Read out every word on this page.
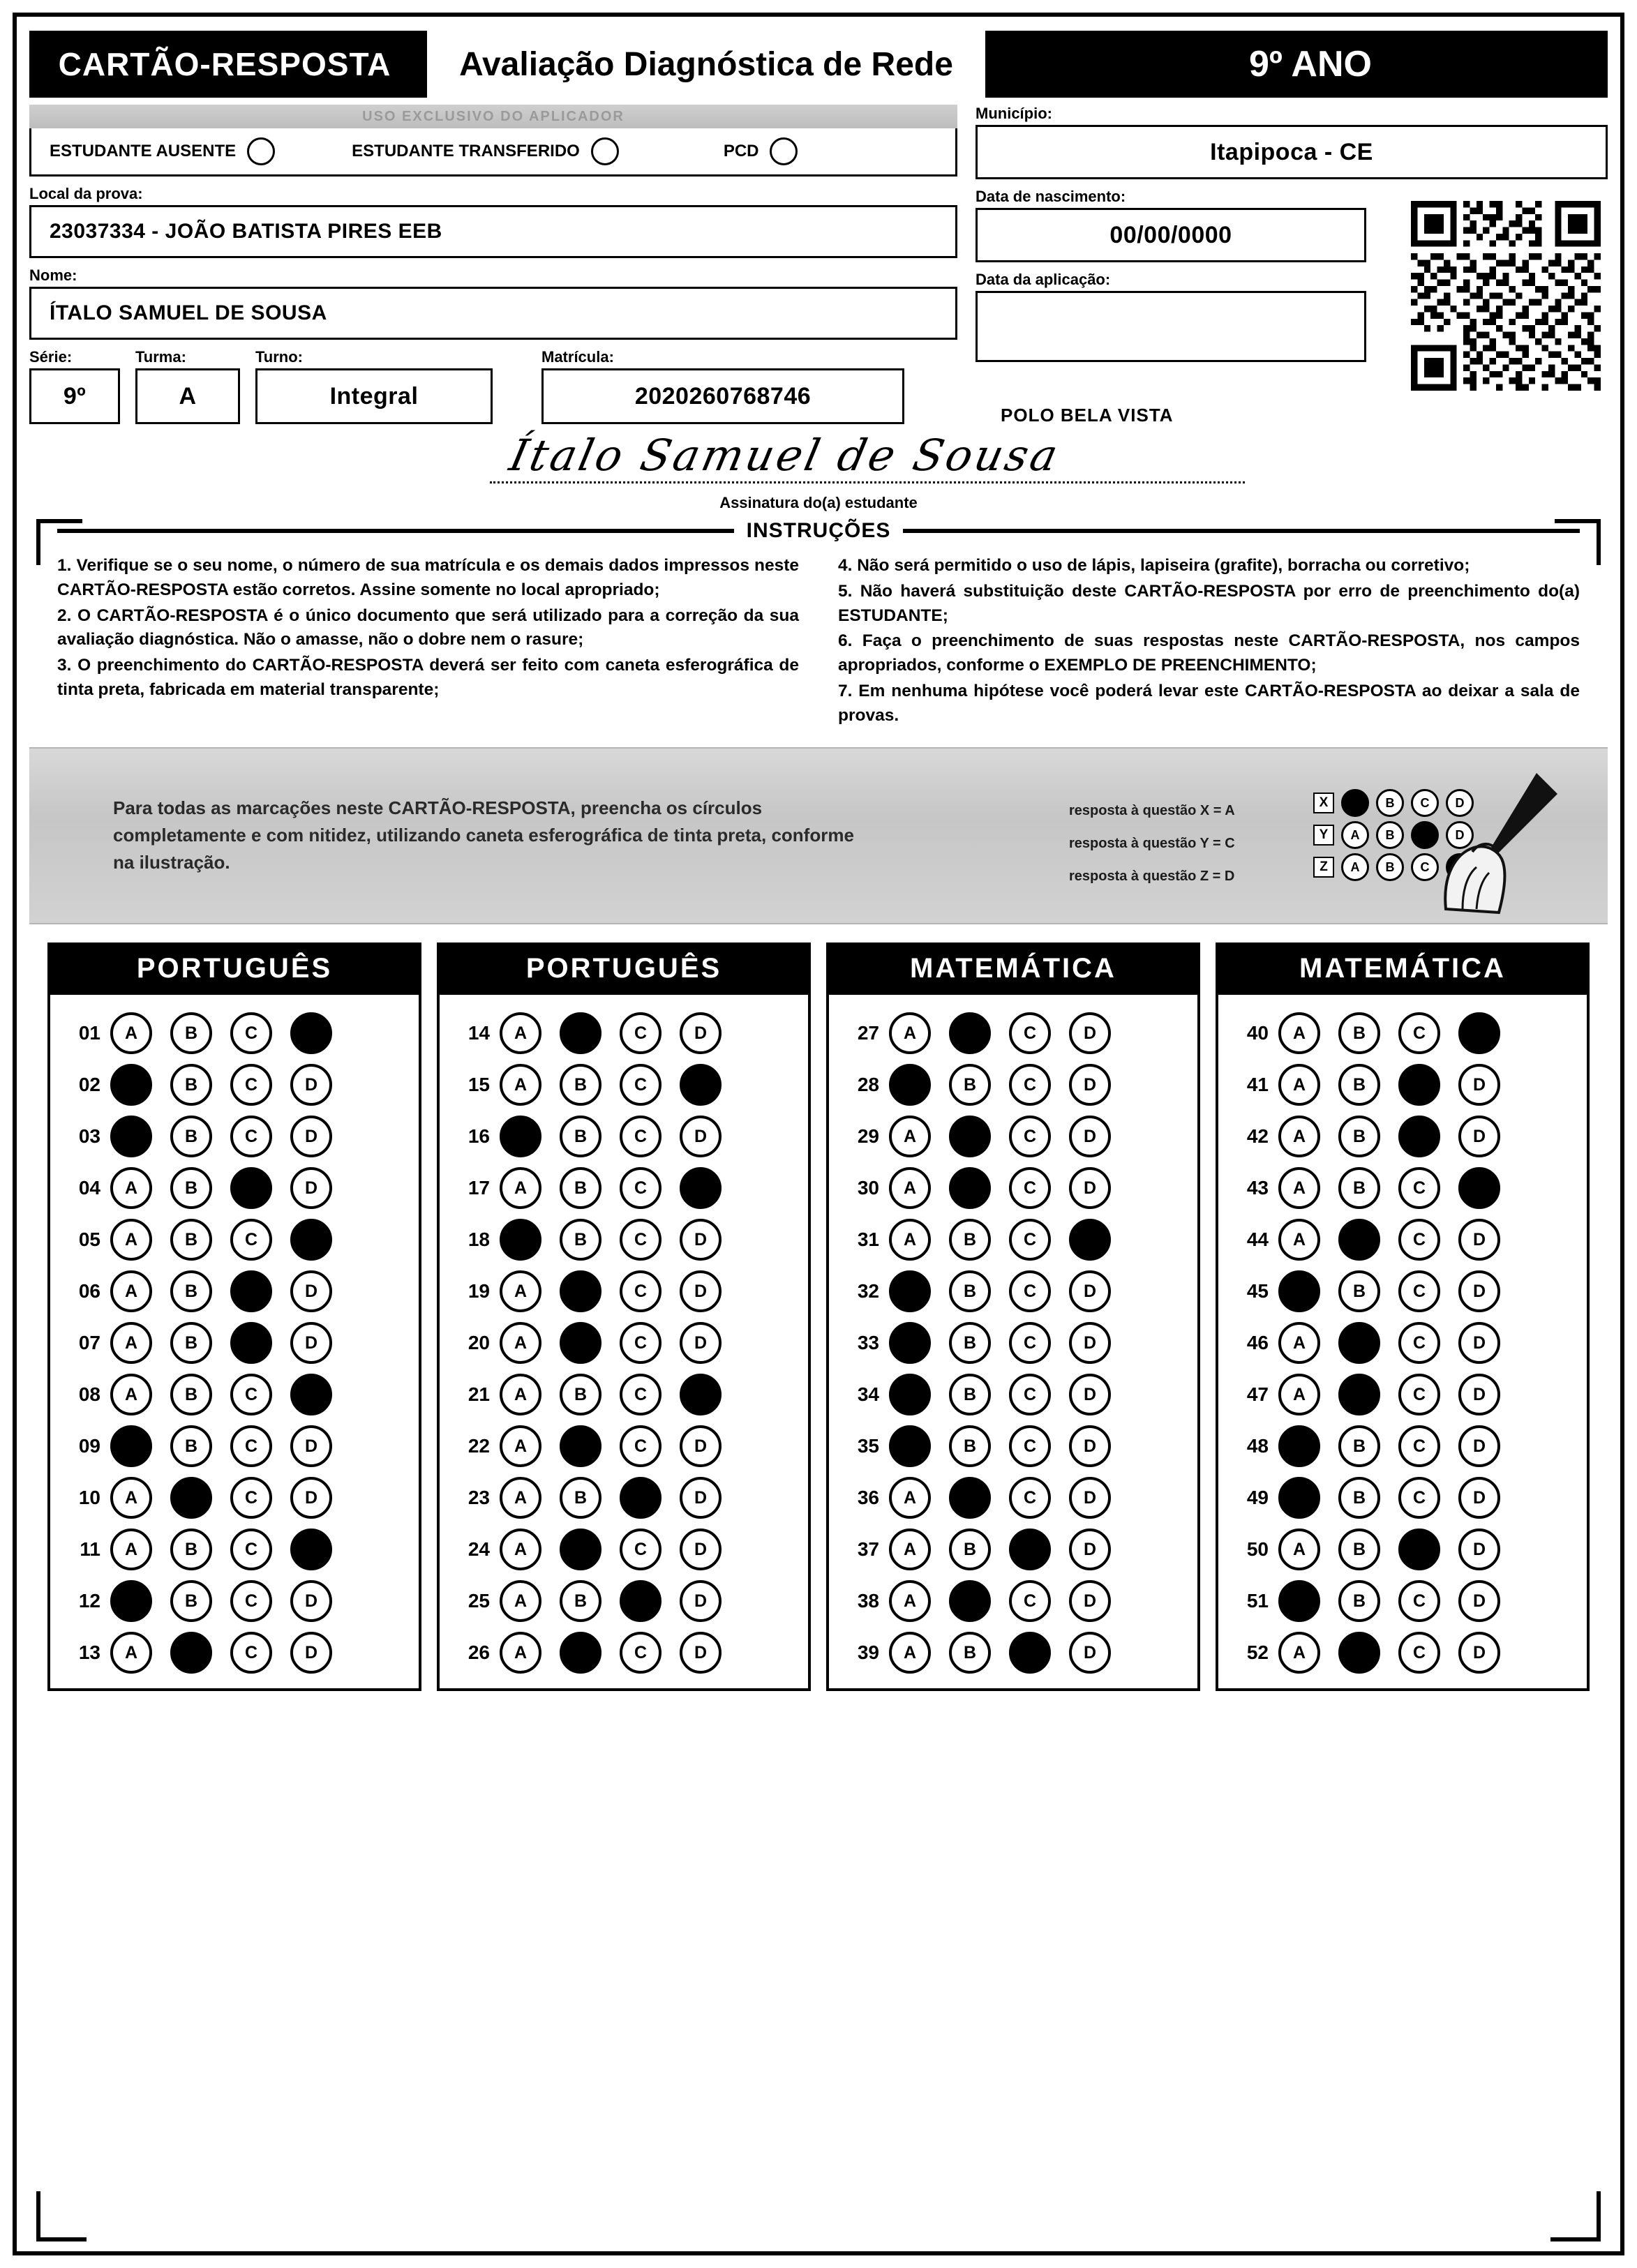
CARTÃO-RESPOSTA	Avaliação Diagnóstica de Rede	9º ANO
USO EXCLUSIVO DO APLICADOR
ESTUDANTE AUSENTE	ESTUDANTE TRANSFERIDO	PCD
Local da prova:
23037334 - JOÃO BATISTA PIRES EEB
Nome:
ÍTALO SAMUEL DE SOUSA
Série:
9º
Turma:
A
Turno:
Integral
Matrícula:
2020260768746
Município:
Itapipoca - CE
Data de nascimento:
00/00/0000
Data da aplicação:
POLO BELA VISTA
Ítalo Samuel de Sousa
Assinatura do(a) estudante
INSTRUÇÕES

1. Verifique se o seu nome, o número de sua matrícula e os demais dados impressos neste CARTÃO-RESPOSTA estão corretos. Assine somente no local apropriado;

2. O CARTÃO-RESPOSTA é o único documento que será utilizado para a correção da sua avaliação diagnóstica. Não o amasse, não o dobre nem o rasure;

3. O preenchimento do CARTÃO-RESPOSTA deverá ser feito com caneta esferográfica de tinta preta, fabricada em material transparente;

4. Não será permitido o uso de lápis, lapiseira (grafite), borracha ou corretivo;

5. Não haverá substituição deste CARTÃO-RESPOSTA por erro de preenchimento do(a) ESTUDANTE;

6. Faça o preenchimento de suas respostas neste CARTÃO-RESPOSTA, nos campos apropriados, conforme o EXEMPLO DE PREENCHIMENTO;

7. Em nenhuma hipótese você poderá levar este CARTÃO-RESPOSTA ao deixar a sala de provas.

Para todas as marcações neste CARTÃO-RESPOSTA, preencha os círculos completamente e com nitidez, utilizando caneta esferográfica de tinta preta, conforme na ilustração.
resposta à questão X = A
resposta à questão Y = C
resposta à questão Z = D
X	A	B	C	D
Y	A	B	C	D
Z	A	B	C
PORTUGUÊS
01	A	B	C	D
02	A	B	C	D
03	A	B	C	D
04	A	B	C	D
05	A	B	C	D
06	A	B	C	D
07	A	B	C	D
08	A	B	C	D
09	A	B	C	D
10	A	B	C	D
11	A	B	C	D
12	A	B	C	D
13	A	B	C	D
PORTUGUÊS
14	A	B	C	D
15	A	B	C	D
16	A	B	C	D
17	A	B	C	D
18	A	B	C	D
19	A	B	C	D
20	A	B	C	D
21	A	B	C	D
22	A	B	C	D
23	A	B	C	D
24	A	B	C	D
25	A	B	C	D
26	A	B	C	D
MATEMÁTICA
27	A	B	C	D
28	A	B	C	D
29	A	B	C	D
30	A	B	C	D
31	A	B	C	D
32	A	B	C	D
33	A	B	C	D
34	A	B	C	D
35	A	B	C	D
36	A	B	C	D
37	A	B	C	D
38	A	B	C	D
39	A	B	C	D
MATEMÁTICA
40	A	B	C	D
41	A	B	C	D
42	A	B	C	D
43	A	B	C	D
44	A	B	C	D
45	A	B	C	D
46	A	B	C	D
47	A	B	C	D
48	A	B	C	D
49	A	B	C	D
50	A	B	C	D
51	A	B	C	D
52	A	B	C	D
